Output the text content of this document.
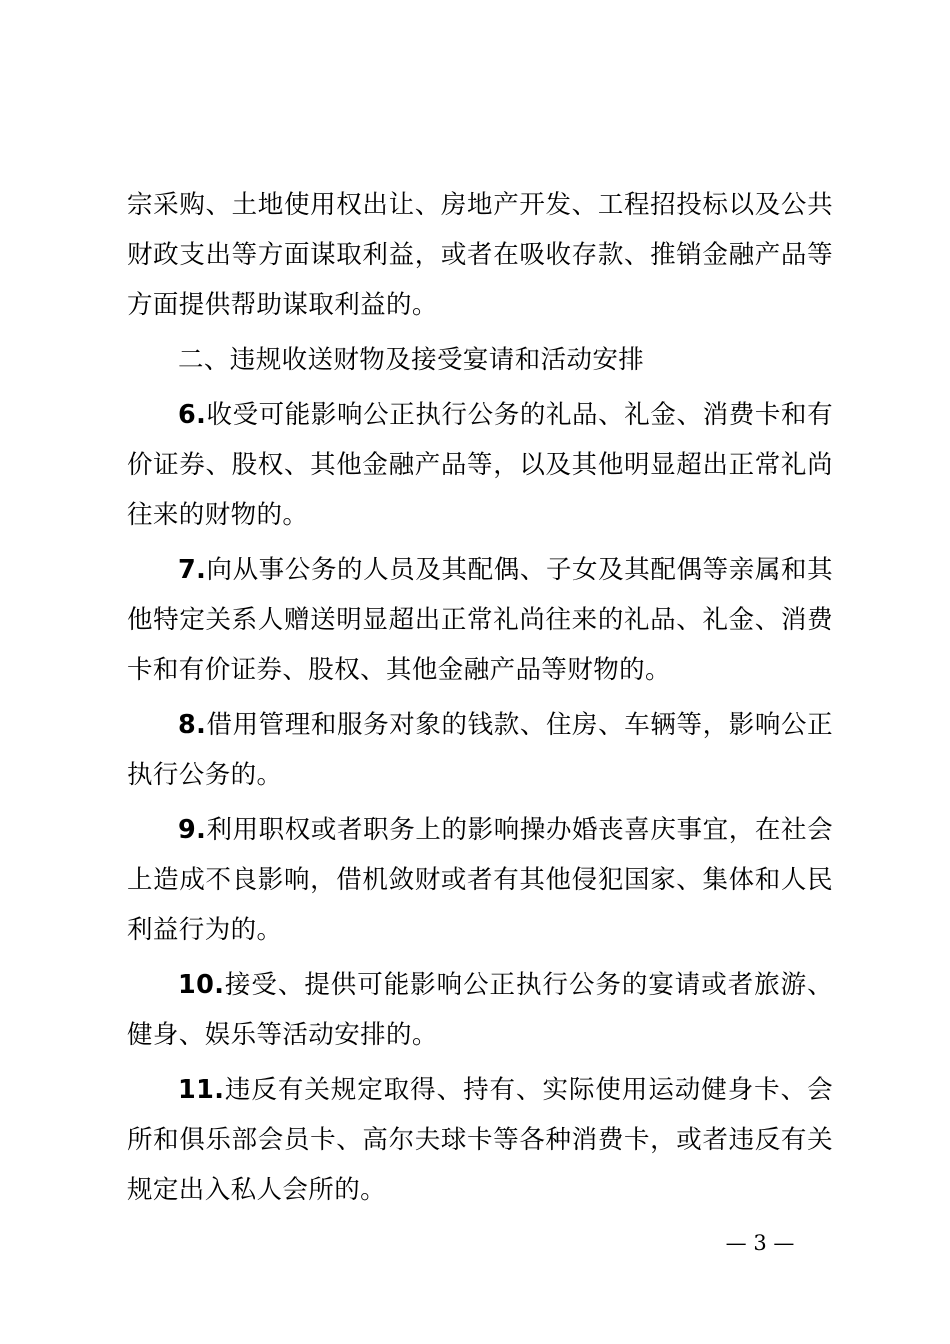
宗采购、土地使用权出让、房地产开发、工程招投标以及公共财政支出等方面谋取利益，或者在吸收存款、推销金融产品等方面提供帮助谋取利益的。

二、违规收送财物及接受宴请和活动安排

6.收受可能影响公正执行公务的礼品、礼金、消费卡和有价证券、股权、其他金融产品等，以及其他明显超出正常礼尚往来的财物的。

7.向从事公务的人员及其配偶、子女及其配偶等亲属和其他特定关系人赠送明显超出正常礼尚往来的礼品、礼金、消费卡和有价证券、股权、其他金融产品等财物的。

8.借用管理和服务对象的钱款、住房、车辆等，影响公正执行公务的。

9.利用职权或者职务上的影响操办婚丧喜庆事宜，在社会上造成不良影响，借机敛财或者有其他侵犯国家、集体和人民利益行为的。

10.接受、提供可能影响公正执行公务的宴请或者旅游、健身、娱乐等活动安排的。

11.违反有关规定取得、持有、实际使用运动健身卡、会所和俱乐部会员卡、高尔夫球卡等各种消费卡，或者违反有关规定出入私人会所的。

— 3 —
